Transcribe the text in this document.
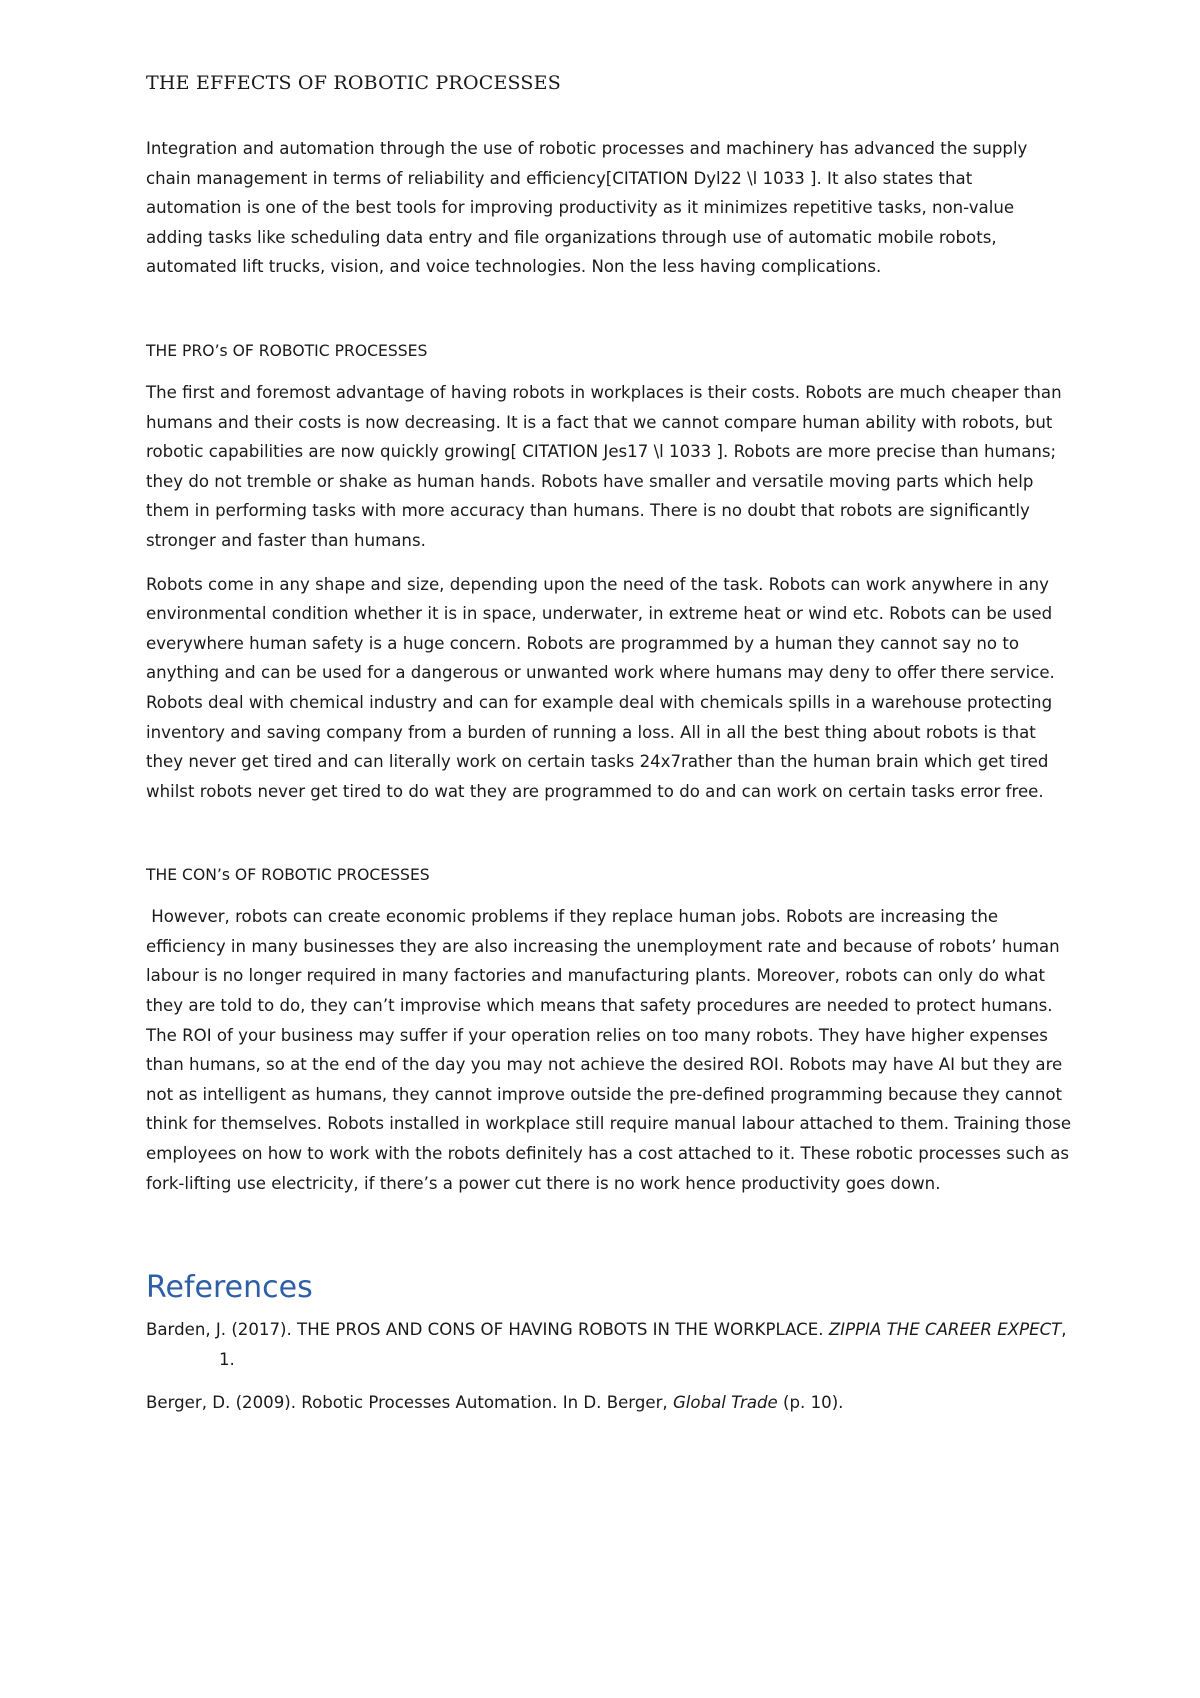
THE EFFECTS OF ROBOTIC PROCESSES

Integration and automation through the use of robotic processes and machinery has advanced the supply chain management in terms of reliability and efficiency[CITATION Dyl22 \l 1033 ]. It also states that automation is one of the best tools for improving productivity as it minimizes repetitive tasks, non-value adding tasks like scheduling data entry and file organizations through use of automatic mobile robots, automated lift trucks, vision, and voice technologies. Non the less having complications.

THE PRO’s OF ROBOTIC PROCESSES

The first and foremost advantage of having robots in workplaces is their costs. Robots are much cheaper than humans and their costs is now decreasing. It is a fact that we cannot compare human ability with robots, but robotic capabilities are now quickly growing[ CITATION Jes17 \l 1033 ]. Robots are more precise than humans; they do not tremble or shake as human hands. Robots have smaller and versatile moving parts which help them in performing tasks with more accuracy than humans. There is no doubt that robots are significantly stronger and faster than humans.

Robots come in any shape and size, depending upon the need of the task. Robots can work anywhere in any environmental condition whether it is in space, underwater, in extreme heat or wind etc. Robots can be used everywhere human safety is a huge concern. Robots are programmed by a human they cannot say no to anything and can be used for a dangerous or unwanted work where humans may deny to offer there service. Robots deal with chemical industry and can for example deal with chemicals spills in a warehouse protecting inventory and saving company from a burden of running a loss. All in all the best thing about robots is that they never get tired and can literally work on certain tasks 24x7rather than the human brain which get tired whilst robots never get tired to do wat they are programmed to do and can work on certain tasks error free.

THE CON’s OF ROBOTIC PROCESSES

However, robots can create economic problems if they replace human jobs. Robots are increasing the efficiency in many businesses they are also increasing the unemployment rate and because of robots’ human labour is no longer required in many factories and manufacturing plants. Moreover, robots can only do what they are told to do, they can’t improvise which means that safety procedures are needed to protect humans. The ROI of your business may suffer if your operation relies on too many robots. They have higher expenses than humans, so at the end of the day you may not achieve the desired ROI. Robots may have AI but they are not as intelligent as humans, they cannot improve outside the pre-defined programming because they cannot think for themselves. Robots installed in workplace still require manual labour attached to them. Training those employees on how to work with the robots definitely has a cost attached to it. These robotic processes such as fork-lifting use electricity, if there’s a power cut there is no work hence productivity goes down.

References

Barden, J. (2017). THE PROS AND CONS OF HAVING ROBOTS IN THE WORKPLACE. ZIPPIA THE CAREER EXPECT, 1.

Berger, D. (2009). Robotic Processes Automation. In D. Berger, Global Trade (p. 10).
